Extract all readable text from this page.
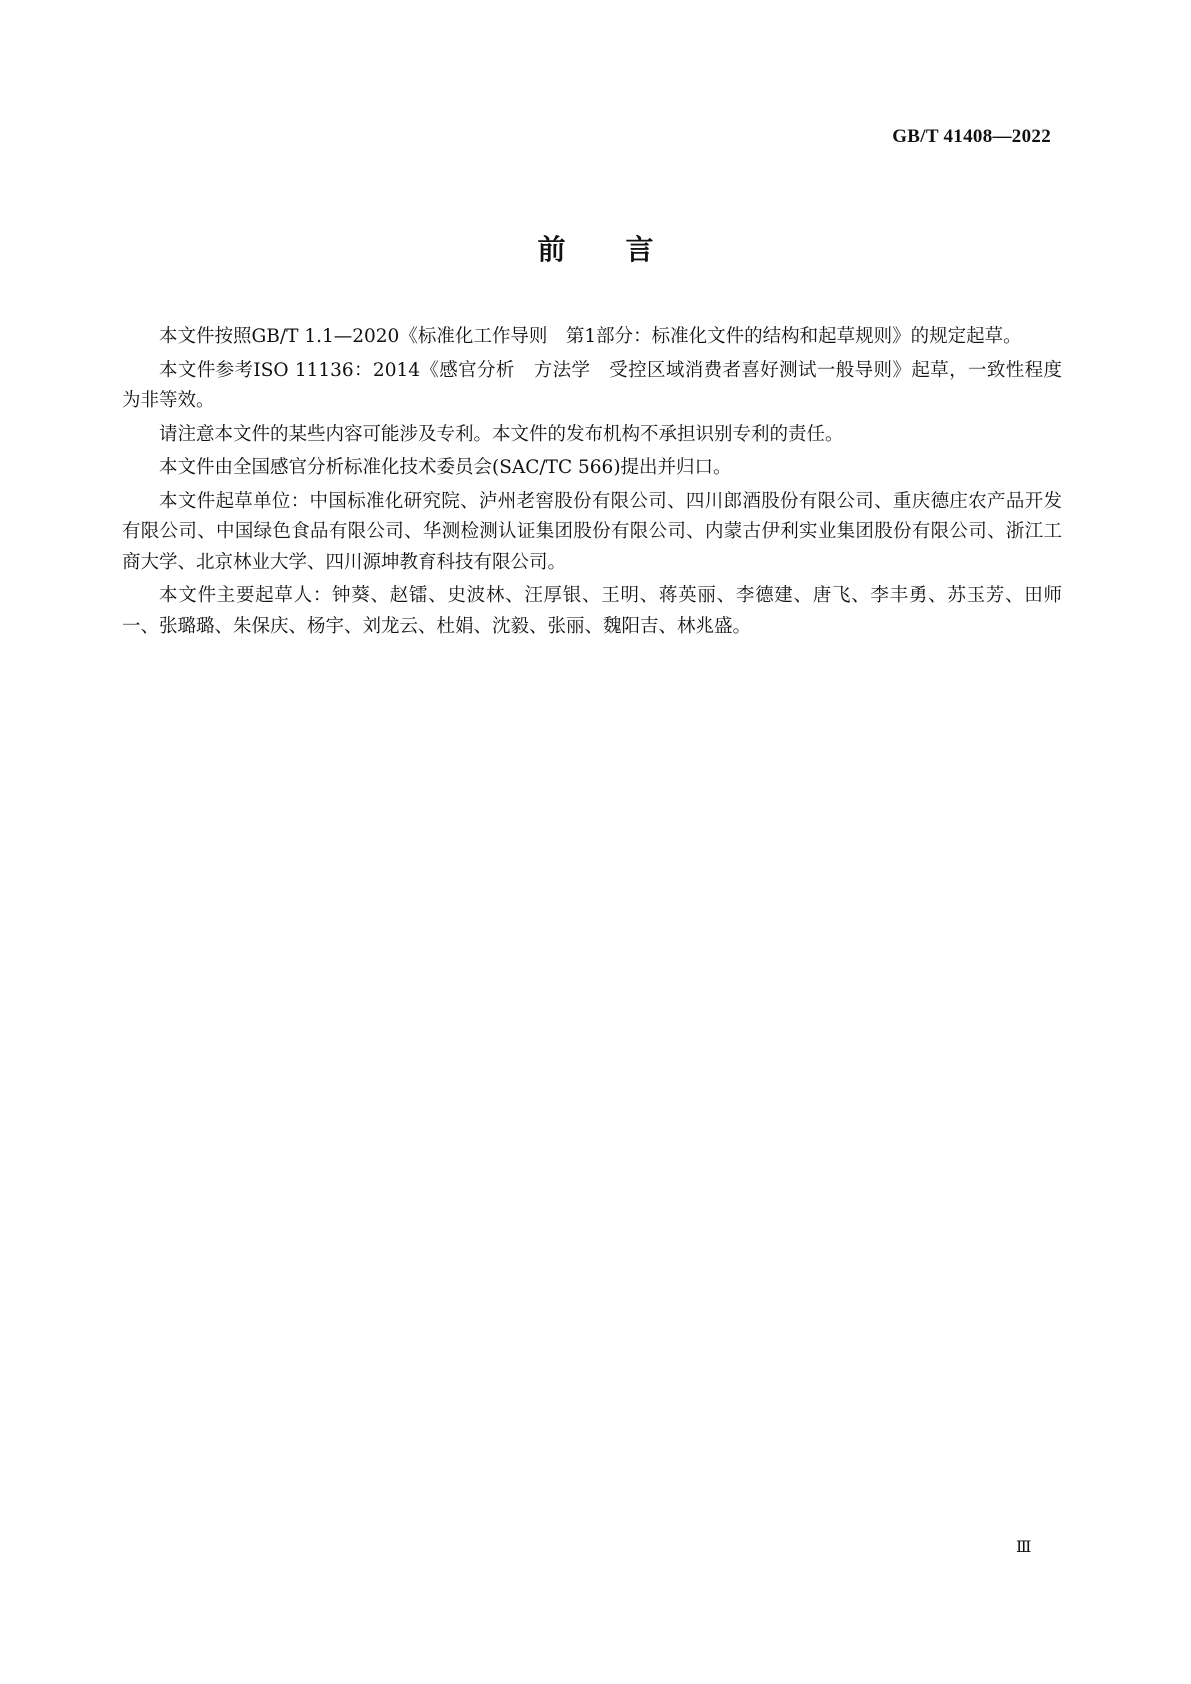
GB/T 41408—2022
前言

本文件按照GB/T 1.1—2020《标准化工作导则　第1部分：标准化文件的结构和起草规则》的规定起草。

本文件参考ISO 11136：2014《感官分析　方法学　受控区域消费者喜好测试一般导则》起草，一致性程度为非等效。

请注意本文件的某些内容可能涉及专利。本文件的发布机构不承担识别专利的责任。

本文件由全国感官分析标准化技术委员会(SAC/TC 566)提出并归口。

本文件起草单位：中国标准化研究院、泸州老窖股份有限公司、四川郎酒股份有限公司、重庆德庄农产品开发有限公司、中国绿色食品有限公司、华测检测认证集团股份有限公司、内蒙古伊利实业集团股份有限公司、浙江工商大学、北京林业大学、四川源坤教育科技有限公司。

本文件主要起草人：钟葵、赵镭、史波林、汪厚银、王明、蒋英丽、李德建、唐飞、李丰勇、苏玉芳、田师一、张璐璐、朱保庆、杨宇、刘龙云、杜娟、沈毅、张丽、魏阳吉、林兆盛。

Ⅲ
